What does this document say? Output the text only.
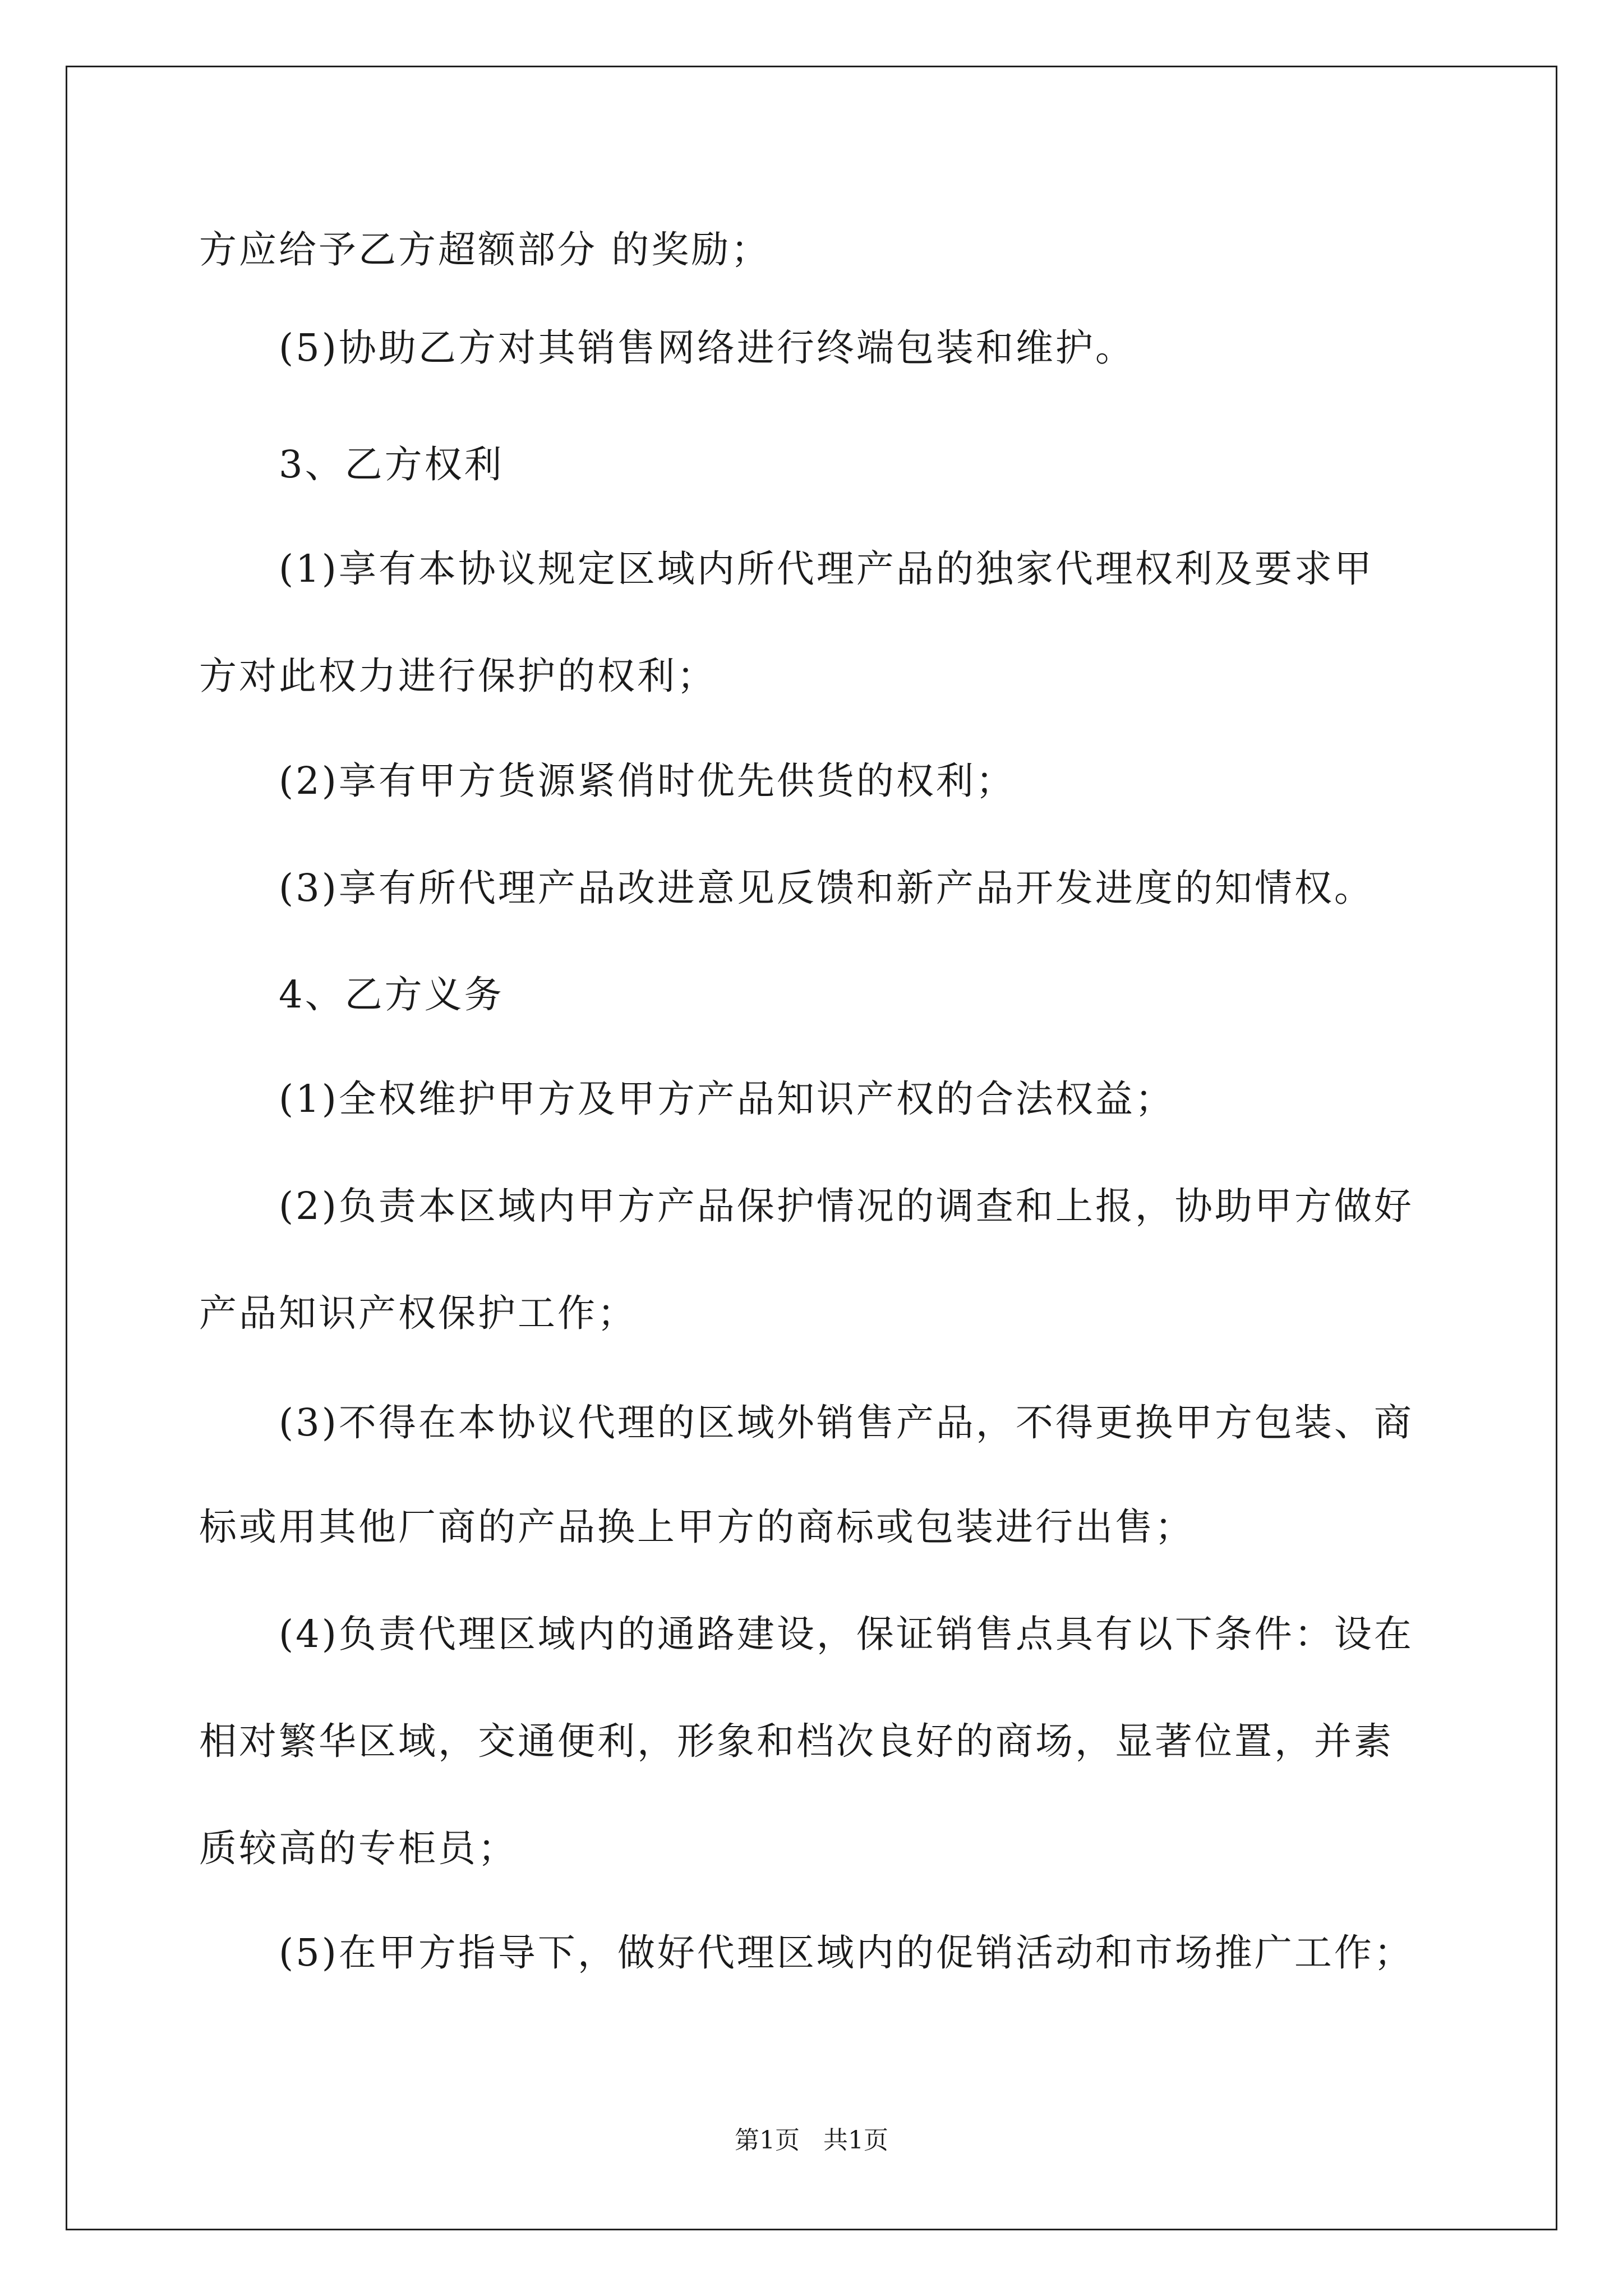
方应给予乙方超额部分 的奖励；
(5)协助乙方对其销售网络进行终端包装和维护。
3、乙方权利
(1)享有本协议规定区域内所代理产品的独家代理权利及要求甲
方对此权力进行保护的权利；
(2)享有甲方货源紧俏时优先供货的权利；
(3)享有所代理产品改进意见反馈和新产品开发进度的知情权。
4、乙方义务
(1)全权维护甲方及甲方产品知识产权的合法权益；
(2)负责本区域内甲方产品保护情况的调查和上报，协助甲方做好
产品知识产权保护工作；
(3)不得在本协议代理的区域外销售产品，不得更换甲方包装、商
标或用其他厂商的产品换上甲方的商标或包装进行出售；
(4)负责代理区域内的通路建设，保证销售点具有以下条件：设在
相对繁华区域，交通便利，形象和档次良好的商场，显著位置，并素
质较高的专柜员；
(5)在甲方指导下，做好代理区域内的促销活动和市场推广工作；
第1页   共1页
